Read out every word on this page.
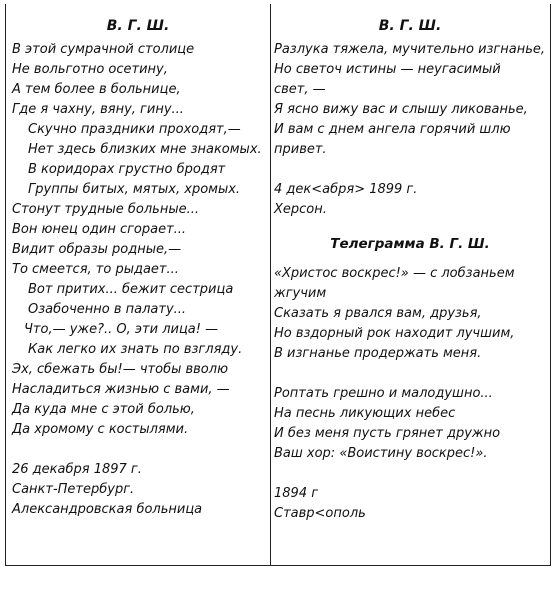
В. Г. Ш.
В этой сумрачной столице
Не вольготно осетину,
А тем более в больнице,
Где я чахну, вяну, гину...
Скучно праздники проходят,—
Нет здесь близких мне знакомых.
В коридорах грустно бродят
Группы битых, мятых, хромых.
Стонут трудные больные...
Вон юнец один сгорает...
Видит образы родные,—
То смеется, то рыдает...
Вот притих... бежит сестрица
Озабоченно в палату...
Что,— уже?.. О, эти лица! —
Как легко их знать по взгляду.
Эх, сбежать бы!— чтобы вволю
Насладиться жизнью с вами, —
Да куда мне с этой болью,
Да хромому с костылями.
26 декабря 1897 г.
Санкт-Петербург.
Александровская больница
В. Г. Ш.
Разлука тяжела, мучительно изгнанье,
Но светоч истины — неугасимый
свет, —
Я ясно вижу вас и слышу ликованье,
И вам с днем ангела горячий шлю
привет.
4 дек<абря> 1899 г.
Херсон.
Телеграмма В. Г. Ш.
«Христос воскрес!» — с лобзаньем
жгучим
Сказать я рвался вам, друзья,
Но вздорный рок находит лучшим,
В изгнанье продержать меня.
Роптать грешно и малодушно...
На песнь ликующих небес
И без меня пусть грянет дружно
Ваш хор: «Воистину воскрес!».
1894 г
Ставр<ополь
